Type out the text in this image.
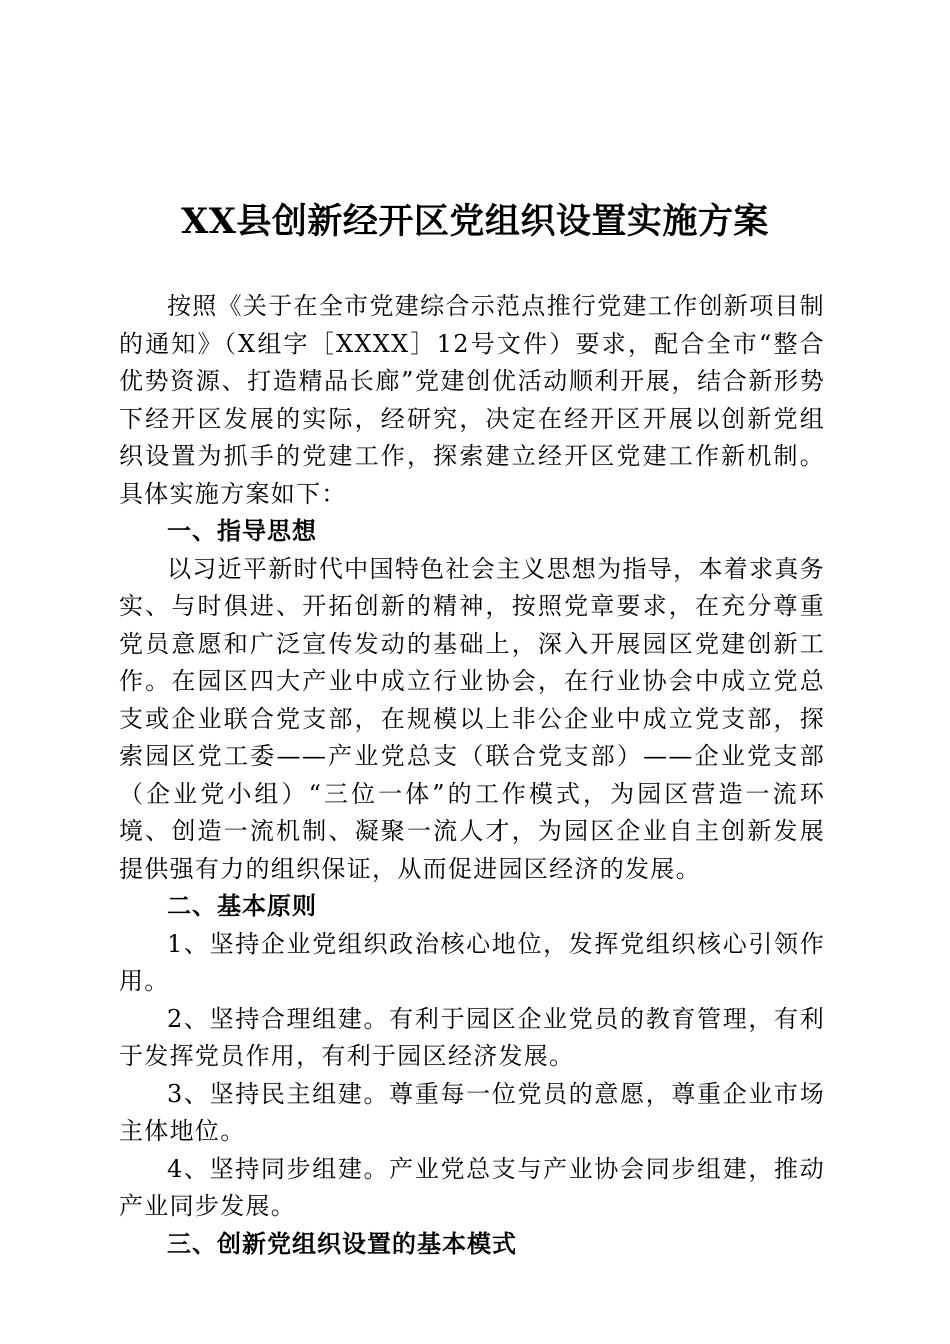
XX县创新经开区党组织设置实施方案

按照《关于在全市党建综合示范点推行党建工作创新项目制的通知》（X组字［XXXX］12号文件）要求，配合全市“整合优势资源、打造精品长廊”党建创优活动顺利开展，结合新形势下经开区发展的实际，经研究，决定在经开区开展以创新党组织设置为抓手的党建工作，探索建立经开区党建工作新机制。具体实施方案如下：

一、指导思想

以习近平新时代中国特色社会主义思想为指导，本着求真务实、与时俱进、开拓创新的精神，按照党章要求，在充分尊重党员意愿和广泛宣传发动的基础上，深入开展园区党建创新工作。在园区四大产业中成立行业协会，在行业协会中成立党总支或企业联合党支部，在规模以上非公企业中成立党支部，探索园区党工委——产业党总支（联合党支部）——企业党支部（企业党小组）“三位一体”的工作模式，为园区营造一流环境、创造一流机制、凝聚一流人才，为园区企业自主创新发展提供强有力的组织保证，从而促进园区经济的发展。

二、基本原则

1、坚持企业党组织政治核心地位，发挥党组织核心引领作用。

2、坚持合理组建。有利于园区企业党员的教育管理，有利于发挥党员作用，有利于园区经济发展。

3、坚持民主组建。尊重每一位党员的意愿，尊重企业市场主体地位。

4、坚持同步组建。产业党总支与产业协会同步组建，推动产业同步发展。

三、创新党组织设置的基本模式
